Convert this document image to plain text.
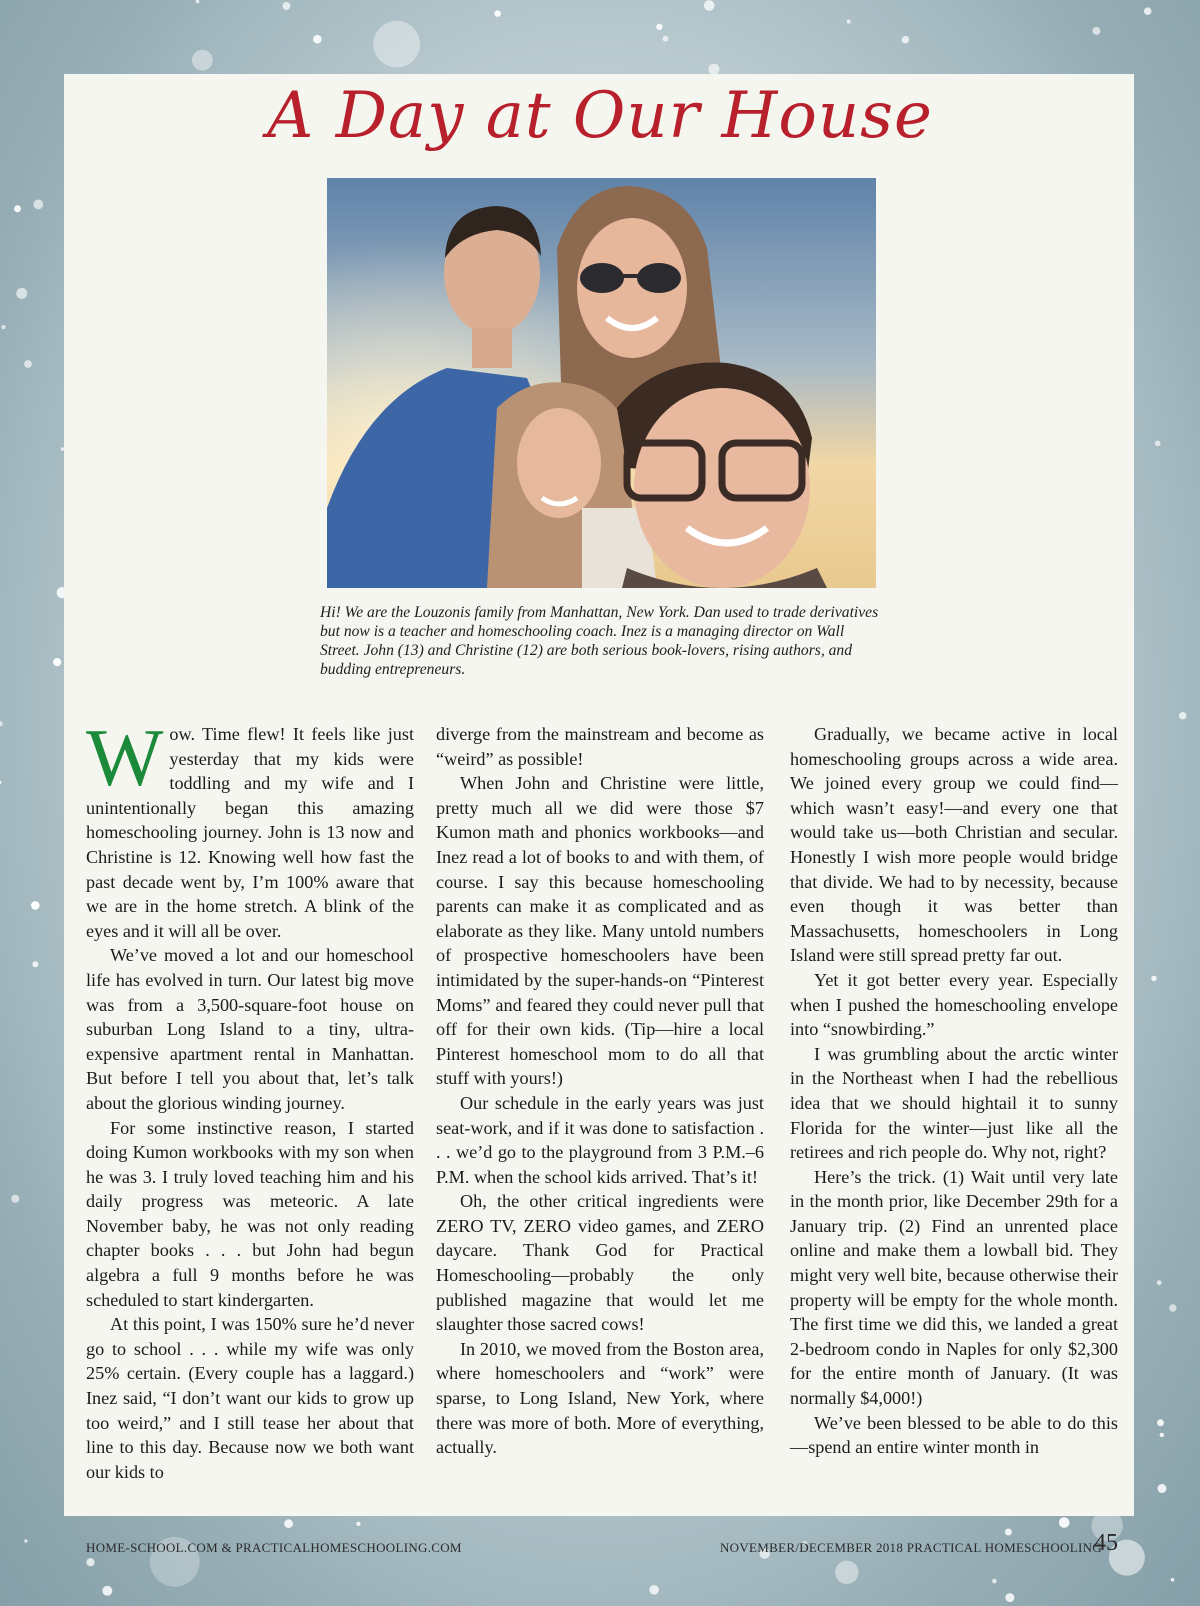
A Day at Our House
Hi! We are the Louzonis family from Manhattan, New York. Dan used to trade derivatives but now is a teacher and homeschooling coach. Inez is a managing director on Wall Street. John (13) and Christine (12) are both serious book-lovers, rising authors, and budding entrepreneurs.

Wow. Time flew! It feels like just yesterday that my kids were toddling and my wife and I unintentionally began this amazing homeschooling journey. John is 13 now and Christine is 12. Knowing well how fast the past decade went by, I’m 100% aware that we are in the home stretch. A blink of the eyes and it will all be over.

We’ve moved a lot and our homeschool life has evolved in turn. Our latest big move was from a 3,500-square-foot house on suburban Long Island to a tiny, ultra-expensive apartment rental in Manhattan. But before I tell you about that, let’s talk about the glorious winding journey.

For some instinctive reason, I started doing Kumon workbooks with my son when he was 3. I truly loved teaching him and his daily progress was meteoric. A late November baby, he was not only reading chapter books . . . but John had begun algebra a full 9 months before he was scheduled to start kindergarten.

At this point, I was 150% sure he’d never go to school . . . while my wife was only 25% certain. (Every couple has a laggard.) Inez said, “I don’t want our kids to grow up too weird,” and I still tease her about that line to this day. Because now we both want our kids to

diverge from the mainstream and become as “weird” as possible!

When John and Christine were little, pretty much all we did were those $7 Kumon math and phonics workbooks—and Inez read a lot of books to and with them, of course. I say this because homeschooling parents can make it as complicated and as elaborate as they like. Many untold numbers of prospective homeschoolers have been intimidated by the super-hands-on “Pinterest Moms” and feared they could never pull that off for their own kids. (Tip—hire a local Pinterest homeschool mom to do all that stuff with yours!)

Our schedule in the early years was just seat-work, and if it was done to satisfaction . . . we’d go to the playground from 3 P.M.–6 P.M. when the school kids arrived. That’s it!

Oh, the other critical ingredients were ZERO TV, ZERO video games, and ZERO daycare. Thank God for Practical Homeschooling—probably the only published magazine that would let me slaughter those sacred cows!

In 2010, we moved from the Boston area, where homeschoolers and “work” were sparse, to Long Island, New York, where there was more of both. More of everything, actually.

Gradually, we became active in local homeschooling groups across a wide area. We joined every group we could find—which wasn’t easy!—and every one that would take us—both Christian and secular. Honestly I wish more people would bridge that divide. We had to by necessity, because even though it was better than Massachusetts, homeschoolers in Long Island were still spread pretty far out.

Yet it got better every year. Especially when I pushed the homeschooling envelope into “snowbirding.”

I was grumbling about the arctic winter in the Northeast when I had the rebellious idea that we should hightail it to sunny Florida for the winter—just like all the retirees and rich people do. Why not, right?

Here’s the trick. (1) Wait until very late in the month prior, like December 29th for a January trip. (2) Find an unrented place online and make them a lowball bid. They might very well bite, because otherwise their property will be empty for the whole month. The first time we did this, we landed a great 2-bedroom condo in Naples for only $2,300 for the entire month of January. (It was normally $4,000!)

We’ve been blessed to be able to do this—spend an entire winter month in

HOME-SCHOOL.COM & PRACTICALHOMESCHOOLING.COM	NOVEMBER/DECEMBER 2018 PRACTICAL HOMESCHOOLING
45
